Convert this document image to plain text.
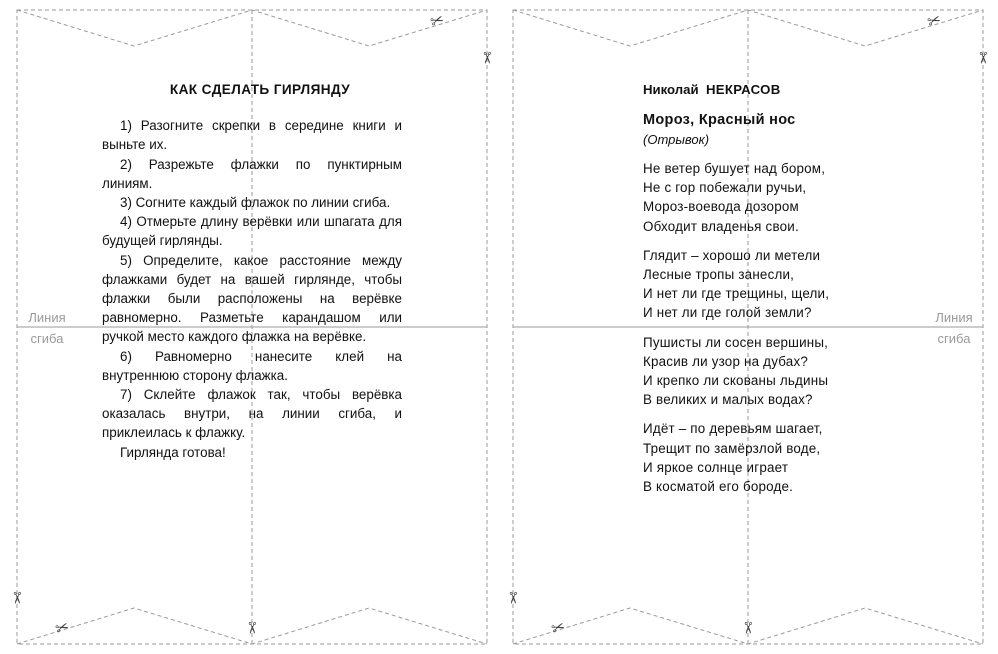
Линия
сгиба
Линия
сгиба
✂
✂	✂
✂
✂
✂	✂
✂
✂	✂
КАК СДЕЛАТЬ ГИРЛЯНДУ

1) Разогните скрепки в середине книги и выньте их.

2) Разрежьте флажки по пунктирным линиям.

3) Согните каждый флажок по линии сгиба.

4) Отмерьте длину верёвки или шпагата для будущей гирлянды.

5) Определите, какое расстояние между флажками будет на вашей гирлянде, чтобы флажки были расположены на верёвке равномерно. Разметьте карандашом или ручкой место каждого флажка на верёвке.

6) Равномерно нанесите клей на внутреннюю сторону флажка.

7) Склейте флажок так, чтобы верёвка оказалась внутри, на линии сгиба, и приклеилась к флажку.

Гирлянда готова!

Николай НЕКРАСОВ
Мороз, Красный нос
(Отрывок)
Не ветер бушует над бором,
Не с гор побежали ручьи,
Мороз-воевода дозором
Обходит владенья свои.
Глядит – хорошо ли метели
Лесные тропы занесли,
И нет ли где трещины, щели,
И нет ли где голой земли?
Пушисты ли сосен вершины,
Красив ли узор на дубах?
И крепко ли скованы льдины
В великих и малых водах?
Идёт – по деревьям шагает,
Трещит по замёрзлой воде,
И яркое солнце играет
В косматой его бороде.
